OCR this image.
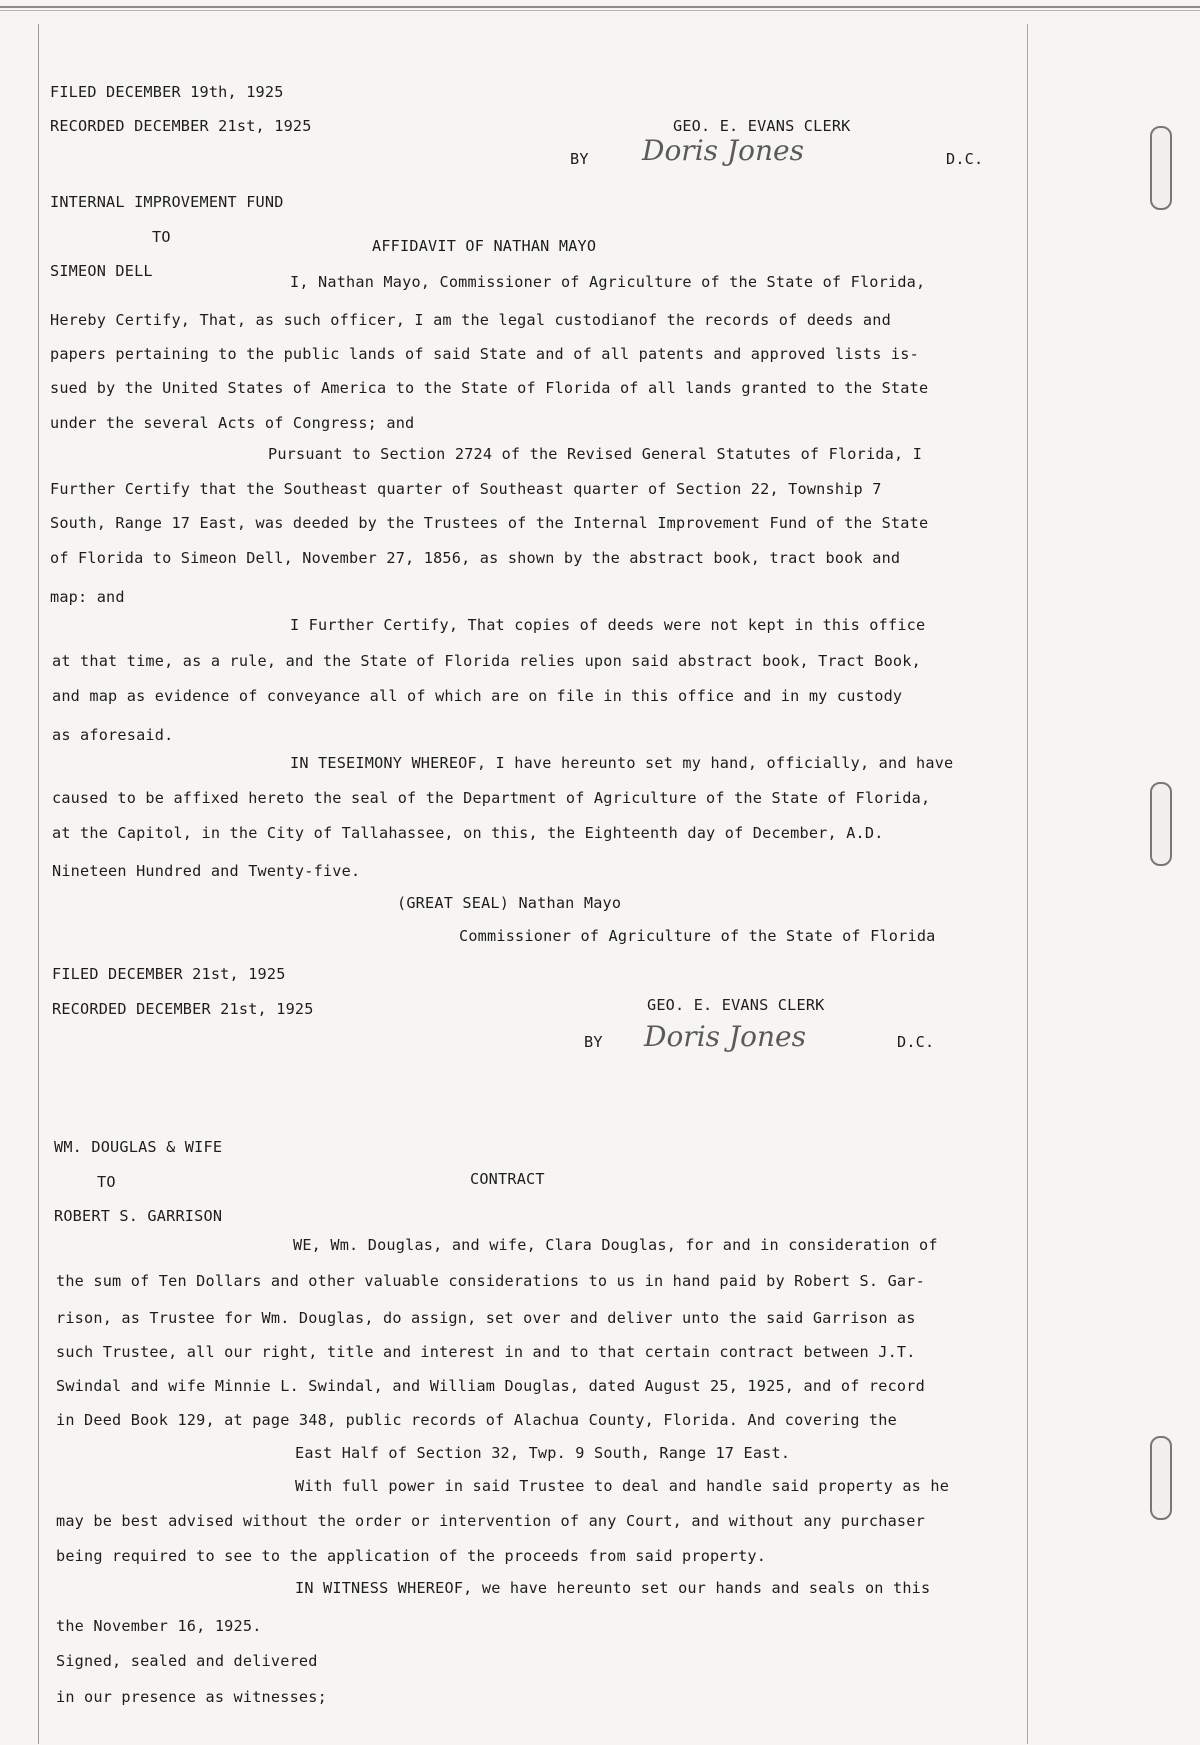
FILED DECEMBER 19th, 1925
RECORDED DECEMBER 21st, 1925	GEO. E. EVANS CLERK
BY Doris Jones	D.C.
INTERNAL IMPROVEMENT FUND
TO	AFFIDAVIT OF NATHAN MAYO
SIMEON DELL
I, Nathan Mayo, Commissioner of Agriculture of the State of Florida,
Hereby Certify, That, as such officer, I am the legal custodianof the records of deeds and
papers pertaining to the public lands of said State and of all patents and approved lists is-
sued by the United States of America to the State of Florida of all lands granted to the State
under the several Acts of Congress; and
Pursuant to Section 2724 of the Revised General Statutes of Florida, I
Further Certify that the Southeast quarter of Southeast quarter of Section 22, Township 7
South, Range 17 East, was deeded by the Trustees of the Internal Improvement Fund of the State
of Florida to Simeon Dell, November 27, 1856, as shown by the abstract book, tract book and
map: and
I Further Certify, That copies of deeds were not kept in this office
at that time, as a rule, and the State of Florida relies upon said abstract book, Tract Book,
and map as evidence of conveyance all of which are on file in this office and in my custody
as aforesaid.
IN TESEIMONY WHEREOF, I have hereunto set my hand, officially, and have
caused to be affixed hereto the seal of the Department of Agriculture of the State of Florida,
at the Capitol, in the City of Tallahassee, on this, the Eighteenth day of December, A.D.
Nineteen Hundred and Twenty-five.
(GREAT SEAL) Nathan Mayo
Commissioner of Agriculture of the State of Florida
FILED DECEMBER 21st, 1925
RECORDED DECEMBER 21st, 1925	GEO. E. EVANS CLERK
BY Doris Jones	D.C.
WM. DOUGLAS & WIFE
TO	CONTRACT
ROBERT S. GARRISON
WE, Wm. Douglas, and wife, Clara Douglas, for and in consideration of
the sum of Ten Dollars and other valuable considerations to us in hand paid by Robert S. Gar-
rison, as Trustee for Wm. Douglas, do assign, set over and deliver unto the said Garrison as
such Trustee, all our right, title and interest in and to that certain contract between J.T.
Swindal and wife Minnie L. Swindal, and William Douglas, dated August 25, 1925, and of record
in Deed Book 129, at page 348, public records of Alachua County, Florida. And covering the
East Half of Section 32, Twp. 9 South, Range 17 East.
With full power in said Trustee to deal and handle said property as he
may be best advised without the order or intervention of any Court, and without any purchaser
being required to see to the application of the proceeds from said property.
IN WITNESS WHEREOF, we have hereunto set our hands and seals on this
the November 16, 1925.
Signed, sealed and delivered
in our presence as witnesses;
